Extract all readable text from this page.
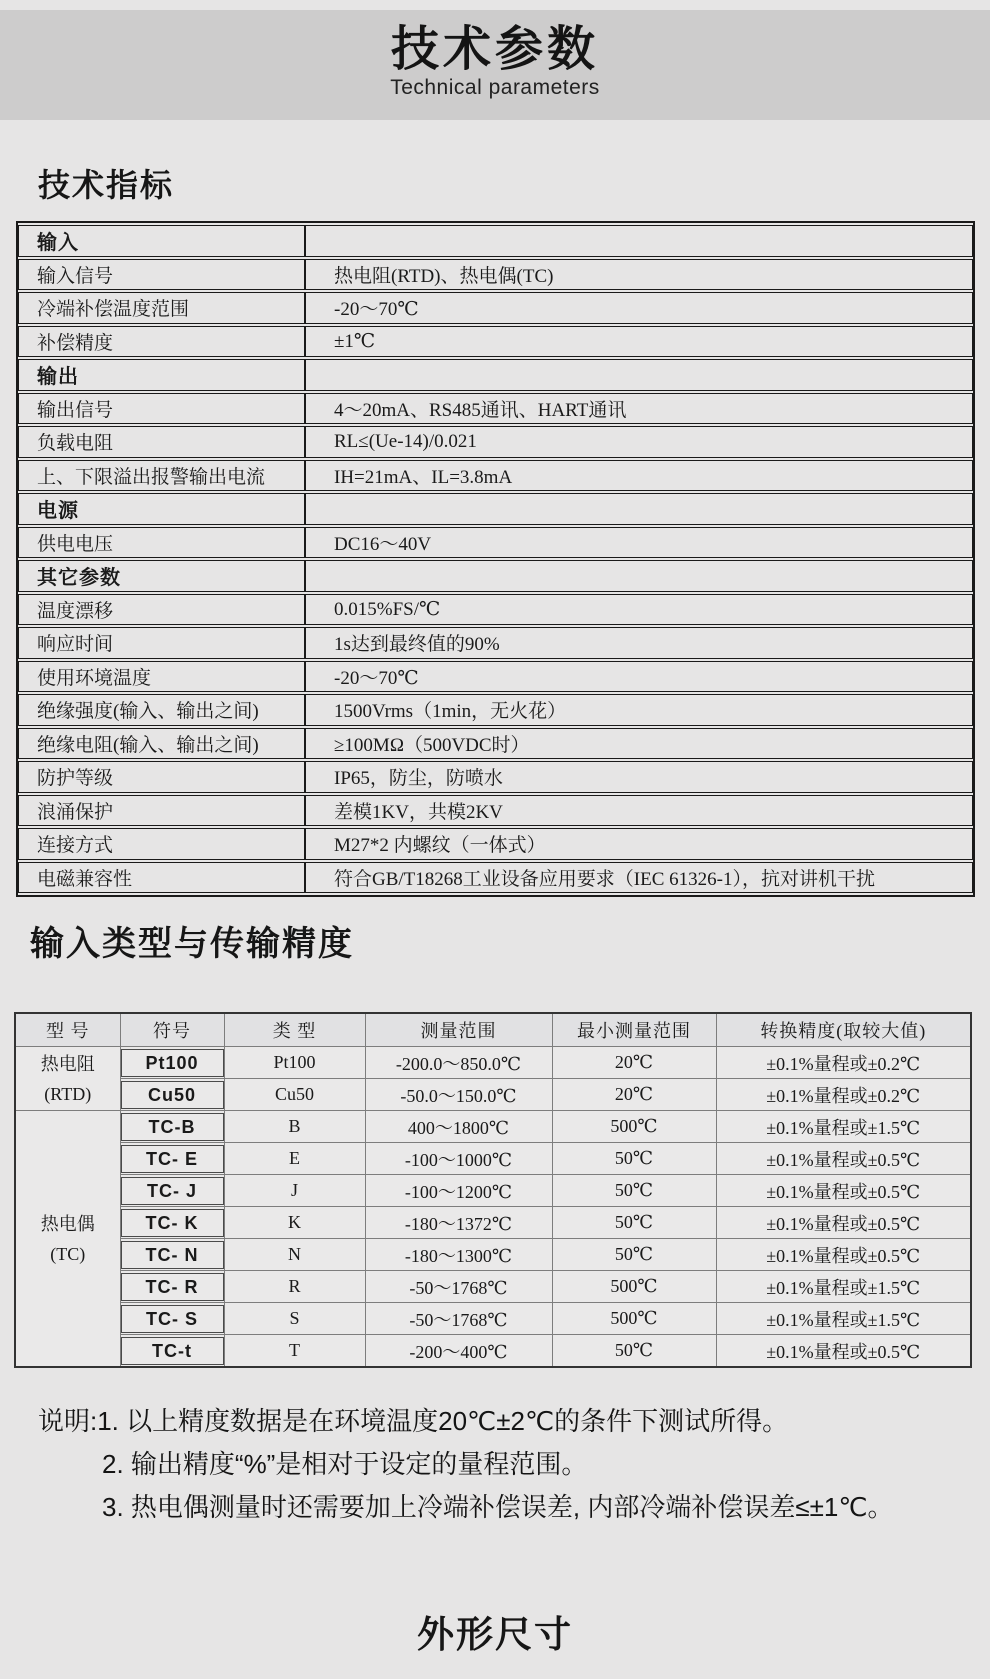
技术参数

Technical parameters

技术指标
输入	
输入信号	热电阻(RTD)、热电偶(TC)
冷端补偿温度范围	-20～70℃
补偿精度	±1℃
输出	
输出信号	4～20mA、RS485通讯、HART通讯
负载电阻	RL≤(Ue-14)/0.021
上、下限溢出报警输出电流	IH=21mA、IL=3.8mA
电源	
供电电压	DC16～40V
其它参数	
温度漂移	0.015%FS/℃
响应时间	1s达到最终值的90%
使用环境温度	-20～70℃
绝缘强度(输入、输出之间)	1500Vrms（1min，无火花）
绝缘电阻(输入、输出之间)	≥100MΩ（500VDC时）
防护等级	IP65，防尘，防喷水
浪涌保护	差模1KV，共模2KV
连接方式	M27*2 内螺纹（一体式）
电磁兼容性	符合GB/T18268工业设备应用要求（IEC 61326-1），抗对讲机干扰
输入类型与传输精度
型 号	符号	类 型	测量范围	最小测量范围	转换精度(取较大值)

热电阻
(RTD)	Pt100	Pt100	-200.0～850.0℃	20℃	±0.1%量程或±0.2℃

	Cu50	Cu50	-50.0～150.0℃	20℃	±0.1%量程或±0.2℃

热电偶
(TC)	TC-B	B	400～1800℃	500℃	±0.1%量程或±1.5℃

	TC- E	E	-100～1000℃	50℃	±0.1%量程或±0.5℃

	TC- J	J	-100～1200℃	50℃	±0.1%量程或±0.5℃

	TC- K	K	-180～1372℃	50℃	±0.1%量程或±0.5℃

	TC- N	N	-180～1300℃	50℃	±0.1%量程或±0.5℃

	TC- R	R	-50～1768℃	500℃	±0.1%量程或±1.5℃

	TC- S	S	-50～1768℃	500℃	±0.1%量程或±1.5℃

	TC-t	T	-200～400℃	50℃	±0.1%量程或±0.5℃
说明:1. 以上精度数据是在环境温度20℃±2℃的条件下测试所得。
2. 输出精度“%”是相对于设定的量程范围。
3. 热电偶测量时还需要加上冷端补偿误差, 内部冷端补偿误差≤±1℃。
外形尺寸
